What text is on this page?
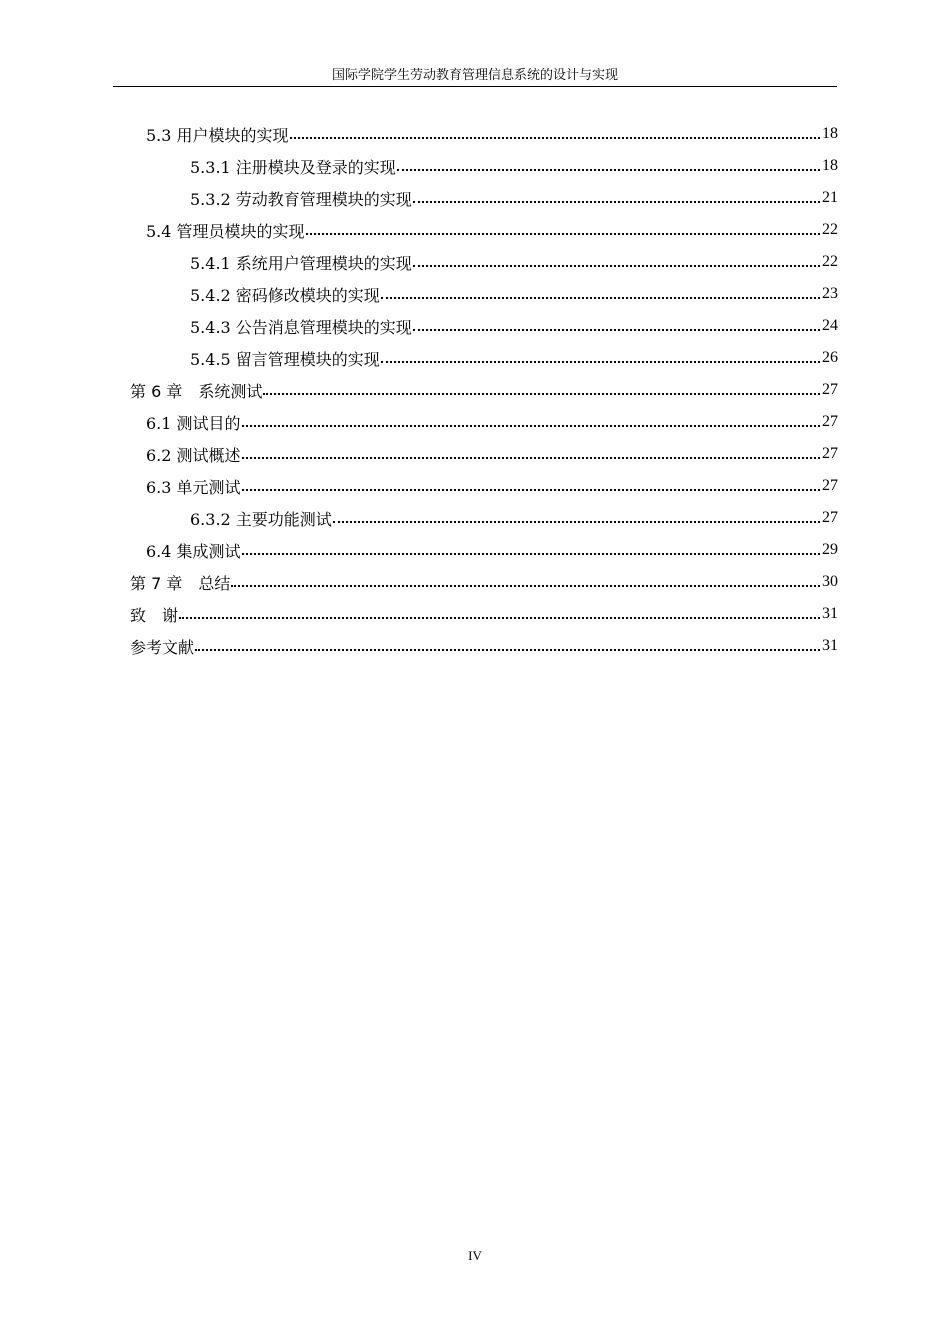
国际学院学生劳动教育管理信息系统的设计与实现
5.3 用户模块的实现	18
5.3.1 注册模块及登录的实现	18
5.3.2 劳动教育管理模块的实现	21
5.4 管理员模块的实现	22
5.4.1 系统用户管理模块的实现	22
5.4.2 密码修改模块的实现	23
5.4.3 公告消息管理模块的实现	24
5.4.5 留言管理模块的实现	26
第 6 章　系统测试	27
6.1 测试目的	27
6.2 测试概述	27
6.3 单元测试	27
6.3.2 主要功能测试	27
6.4 集成测试	29
第 7 章　总结	30
致　谢	31
参考文献	31
IV
